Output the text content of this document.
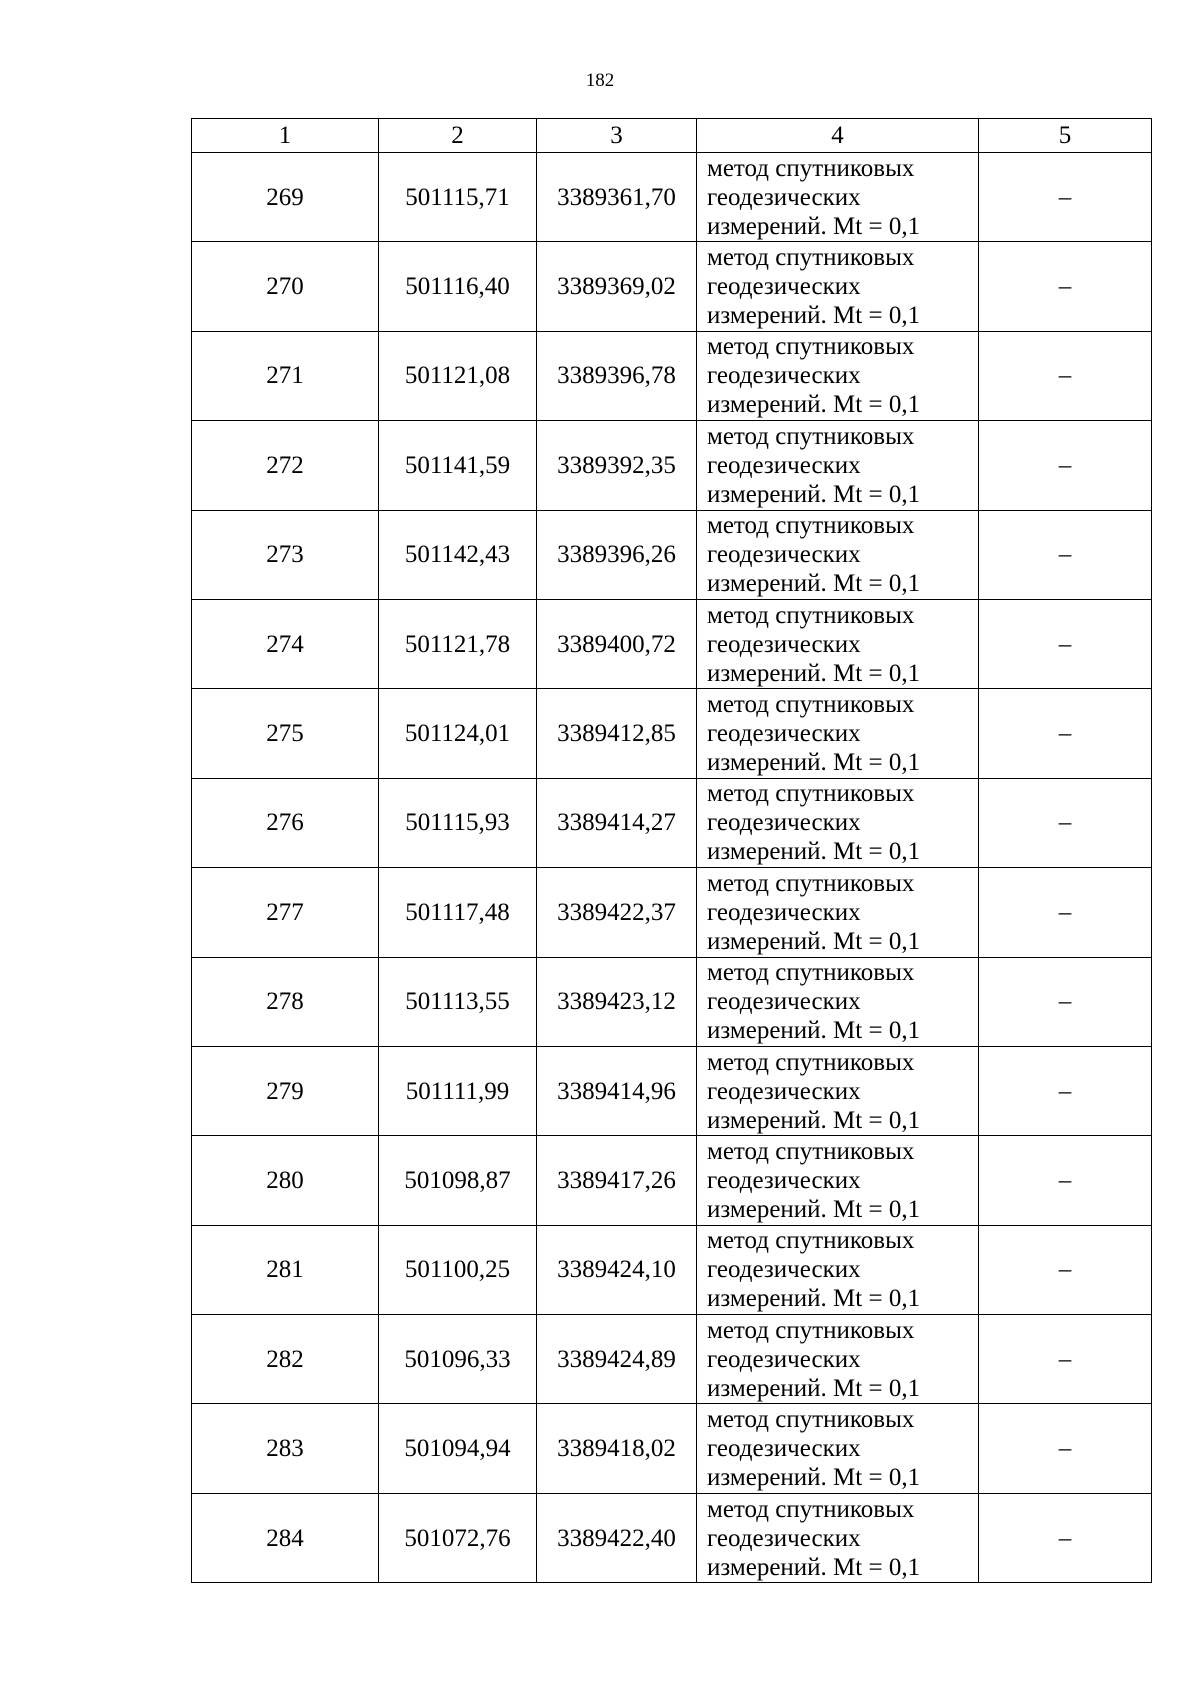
182
1	2	3	4	5
269	501115,71	3389361,70	метод спутниковых
геодезических
измерений. Mt = 0,1	–
270	501116,40	3389369,02	метод спутниковых
геодезических
измерений. Mt = 0,1	–
271	501121,08	3389396,78	метод спутниковых
геодезических
измерений. Mt = 0,1	–
272	501141,59	3389392,35	метод спутниковых
геодезических
измерений. Mt = 0,1	–
273	501142,43	3389396,26	метод спутниковых
геодезических
измерений. Mt = 0,1	–
274	501121,78	3389400,72	метод спутниковых
геодезических
измерений. Mt = 0,1	–
275	501124,01	3389412,85	метод спутниковых
геодезических
измерений. Mt = 0,1	–
276	501115,93	3389414,27	метод спутниковых
геодезических
измерений. Mt = 0,1	–
277	501117,48	3389422,37	метод спутниковых
геодезических
измерений. Mt = 0,1	–
278	501113,55	3389423,12	метод спутниковых
геодезических
измерений. Mt = 0,1	–
279	501111,99	3389414,96	метод спутниковых
геодезических
измерений. Mt = 0,1	–
280	501098,87	3389417,26	метод спутниковых
геодезических
измерений. Mt = 0,1	–
281	501100,25	3389424,10	метод спутниковых
геодезических
измерений. Mt = 0,1	–
282	501096,33	3389424,89	метод спутниковых
геодезических
измерений. Mt = 0,1	–
283	501094,94	3389418,02	метод спутниковых
геодезических
измерений. Mt = 0,1	–
284	501072,76	3389422,40	метод спутниковых
геодезических
измерений. Mt = 0,1	–
